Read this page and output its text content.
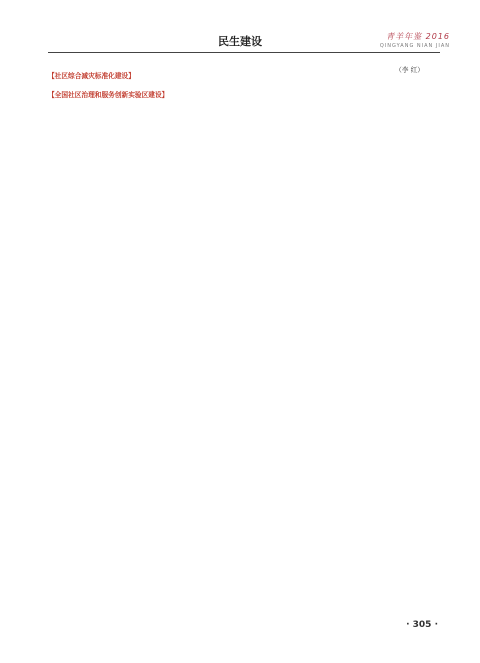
民生建设	青羊年鉴 2016
QINGYANG NIAN JIAN

【社区综合减灾标准化建设】

【全国社区治理和服务创新实验区建设】

（李 红）
· 305 ·
